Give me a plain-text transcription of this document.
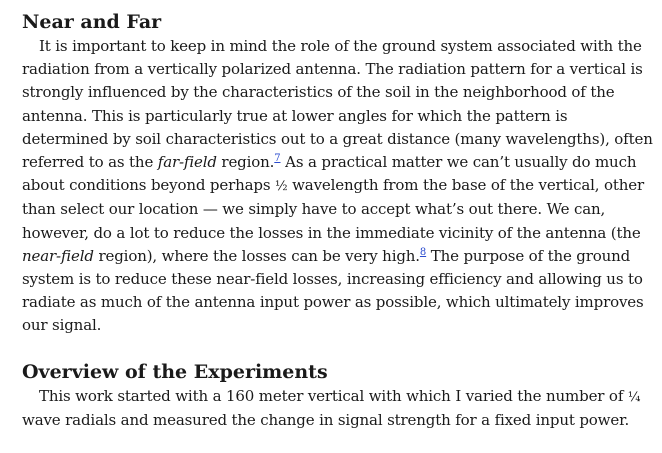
Near and Far

It is important to keep in mind the role of the ground system associated with the radiation from a vertically polarized antenna. The radiation pattern for a vertical is strongly influenced by the characteristics of the soil in the neighborhood of the antenna. This is particularly true at lower angles for which the pattern is determined by soil characteristics out to a great distance (many wavelengths), often referred to as the far-field region.$^7$ As a practical matter we can’t usually do much about conditions beyond perhaps ½ wavelength from the base of the vertical, other than select our location — we simply have to accept what’s out there. We can, however, do a lot to reduce the losses in the immediate vicinity of the antenna (the near-field region), where the losses can be very high.$^8$ The purpose of the ground system is to reduce these near-field losses, increasing efficiency and allowing us to radiate as much of the antenna input power as possible, which ultimately improves our signal.

Overview of the Experiments

This work started with a 160 meter vertical with which I varied the number of ¼ wave radials and measured the change in signal strength for a fixed input power.
